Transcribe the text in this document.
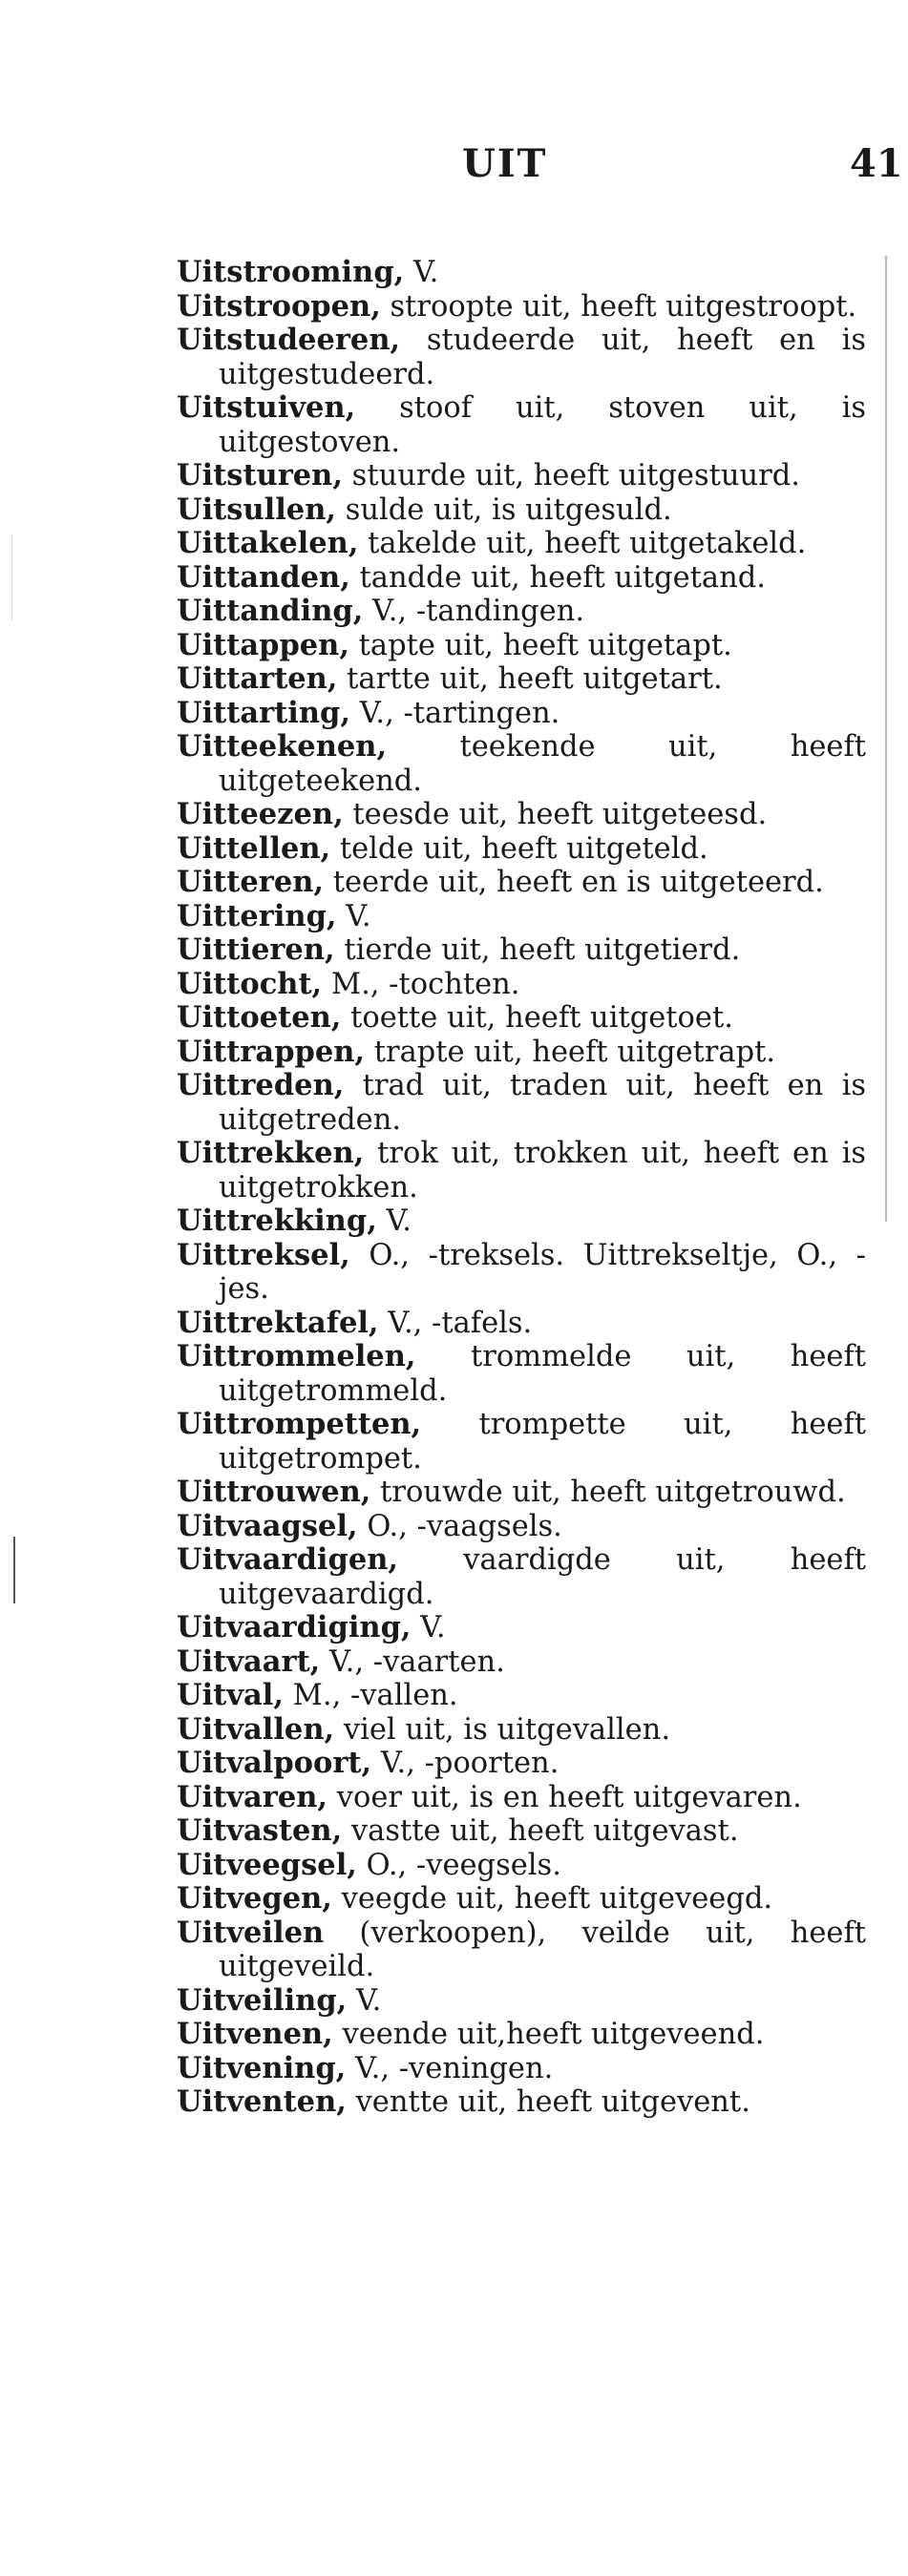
UIT	41

Uitstrooming, V.

Uitstroopen, stroopte uit, heeft uitgestroopt.

Uitstudeeren, studeerde uit, heeft en is uitgestudeerd.

Uitstuiven, stoof uit, stoven uit, is uitgestoven.

Uitsturen, stuurde uit, heeft uitgestuurd.

Uitsullen, sulde uit, is uitgesuld.

Uittakelen, takelde uit, heeft uitgetakeld.

Uittanden, tandde uit, heeft uitgetand.

Uittanding, V., -tandingen.

Uittappen, tapte uit, heeft uitgetapt.

Uittarten, tartte uit, heeft uitgetart.

Uittarting, V., -tartingen.

Uitteekenen, teekende uit, heeft uitgeteekend.

Uitteezen, teesde uit, heeft uitgeteesd.

Uittellen, telde uit, heeft uitgeteld.

Uitteren, teerde uit, heeft en is uitgeteerd.

Uittering, V.

Uittieren, tierde uit, heeft uitgetierd.

Uittocht, M., -tochten.

Uittoeten, toette uit, heeft uitgetoet.

Uittrappen, trapte uit, heeft uitgetrapt.

Uittreden, trad uit, traden uit, heeft en is uitgetreden.

Uittrekken, trok uit, trokken uit, heeft en is uitgetrokken.

Uittrekking, V.

Uittreksel, O., -treksels. Uittrekseltje, O., -jes.

Uittrektafel, V., -tafels.

Uittrommelen, trommelde uit, heeft uitgetrommeld.

Uittrompetten, trompette uit, heeft uitgetrompet.

Uittrouwen, trouwde uit, heeft uitgetrouwd.

Uitvaagsel, O., -vaagsels.

Uitvaardigen, vaardigde uit, heeft uitgevaardigd.

Uitvaardiging, V.

Uitvaart, V., -vaarten.

Uitval, M., -vallen.

Uitvallen, viel uit, is uitgevallen.

Uitvalpoort, V., -poorten.

Uitvaren, voer uit, is en heeft uitgevaren.

Uitvasten, vastte uit, heeft uitgevast.

Uitveegsel, O., -veegsels.

Uitvegen, veegde uit, heeft uitgeveegd.

Uitveilen (verkoopen), veilde uit, heeft uitgeveild.

Uitveiling, V.

Uitvenen, veende uit,heeft uitgeveend.

Uitvening, V., -veningen.

Uitventen, ventte uit, heeft uitgevent.
